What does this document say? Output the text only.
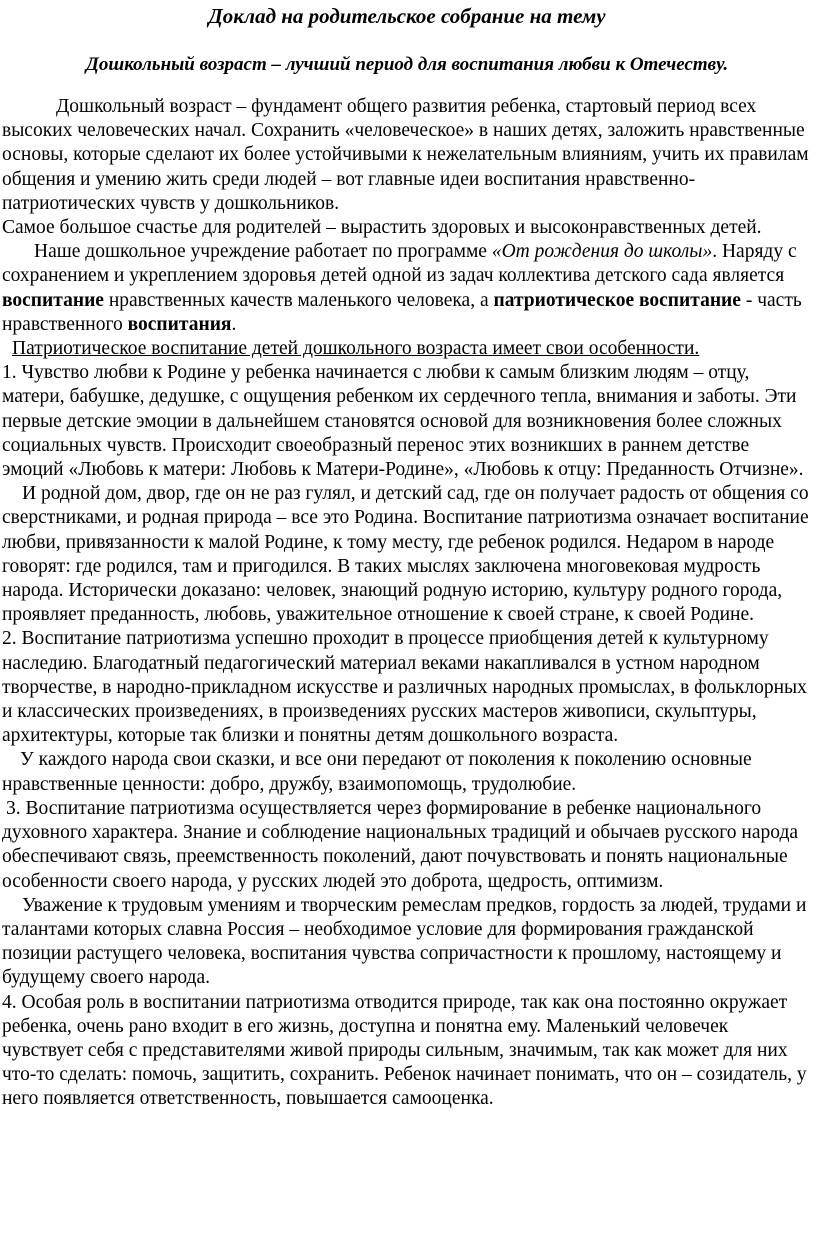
Доклад на родительское собрание на тему
Дошкольный возраст – лучший период для воспитания любви к Отечеству.

Дошкольный возраст – фундамент общего развития ребенка, стартовый период всех высоких человеческих начал. Сохранить «человеческое» в наших детях, заложить нравственные основы, которые сделают их более устойчивыми к нежелательным влияниям, учить их правилам общения и умению жить среди людей – вот главные идеи воспитания нравственно-патриотических чувств у дошкольников.

Самое большое счастье для родителей – вырастить здоровых и высоконравственных детей.

Наше дошкольное учреждение работает по программе «От рождения до школы». Наряду с сохранением и укреплением здоровья детей одной из задач коллектива детского сада является воспитание нравственных качеств маленького человека, а патриотическое воспитание - часть нравственного воспитания.

Патриотическое воспитание детей дошкольного возраста имеет свои особенности.

1. Чувство любви к Родине у ребенка начинается с любви к самым близким людям – отцу, матери, бабушке, дедушке, с ощущения ребенком их сердечного тепла, внимания и заботы. Эти первые детские эмоции в дальнейшем становятся основой для возникновения более сложных социальных чувств. Происходит своеобразный перенос этих возникших в раннем детстве эмоций «Любовь к матери: Любовь к Матери-Родине», «Любовь к отцу: Преданность Отчизне».

И родной дом, двор, где он не раз гулял, и детский сад, где он получает радость от общения со сверстниками, и родная природа – все это Родина. Воспитание патриотизма означает воспитание любви, привязанности к малой Родине, к тому месту, где ребенок родился. Недаром в народе говорят: где родился, там и пригодился. В таких мыслях заключена многовековая мудрость народа. Исторически доказано: человек, знающий родную историю, культуру родного города, проявляет преданность, любовь, уважительное отношение к своей стране, к своей Родине.

2. Воспитание патриотизма успешно проходит в процессе приобщения детей к культурному наследию. Благодатный педагогический материал веками накапливался в устном народном творчестве, в народно-прикладном искусстве и различных народных промыслах, в фольклорных и классических произведениях, в произведениях русских мастеров живописи, скульптуры, архитектуры, которые так близки и понятны детям дошкольного возраста.

У каждого народа свои сказки, и все они передают от поколения к поколению основные нравственные ценности: добро, дружбу, взаимопомощь, трудолюбие.

3. Воспитание патриотизма осуществляется через формирование в ребенке национального духовного характера. Знание и соблюдение национальных традиций и обычаев русского народа обеспечивают связь, преемственность поколений, дают почувствовать и понять национальные особенности своего народа, у русских людей это доброта, щедрость, оптимизм.

Уважение к трудовым умениям и творческим ремеслам предков, гордость за людей, трудами и талантами которых славна Россия – необходимое условие для формирования гражданской позиции растущего человека, воспитания чувства сопричастности к прошлому, настоящему и будущему своего народа.

4. Особая роль в воспитании патриотизма отводится природе, так как она постоянно окружает ребенка, очень рано входит в его жизнь, доступна и понятна ему. Маленький человечек чувствует себя с представителями живой природы сильным, значимым, так как может для них что-то сделать: помочь, защитить, сохранить. Ребенок начинает понимать, что он – созидатель, у него появляется ответственность, повышается самооценка.
